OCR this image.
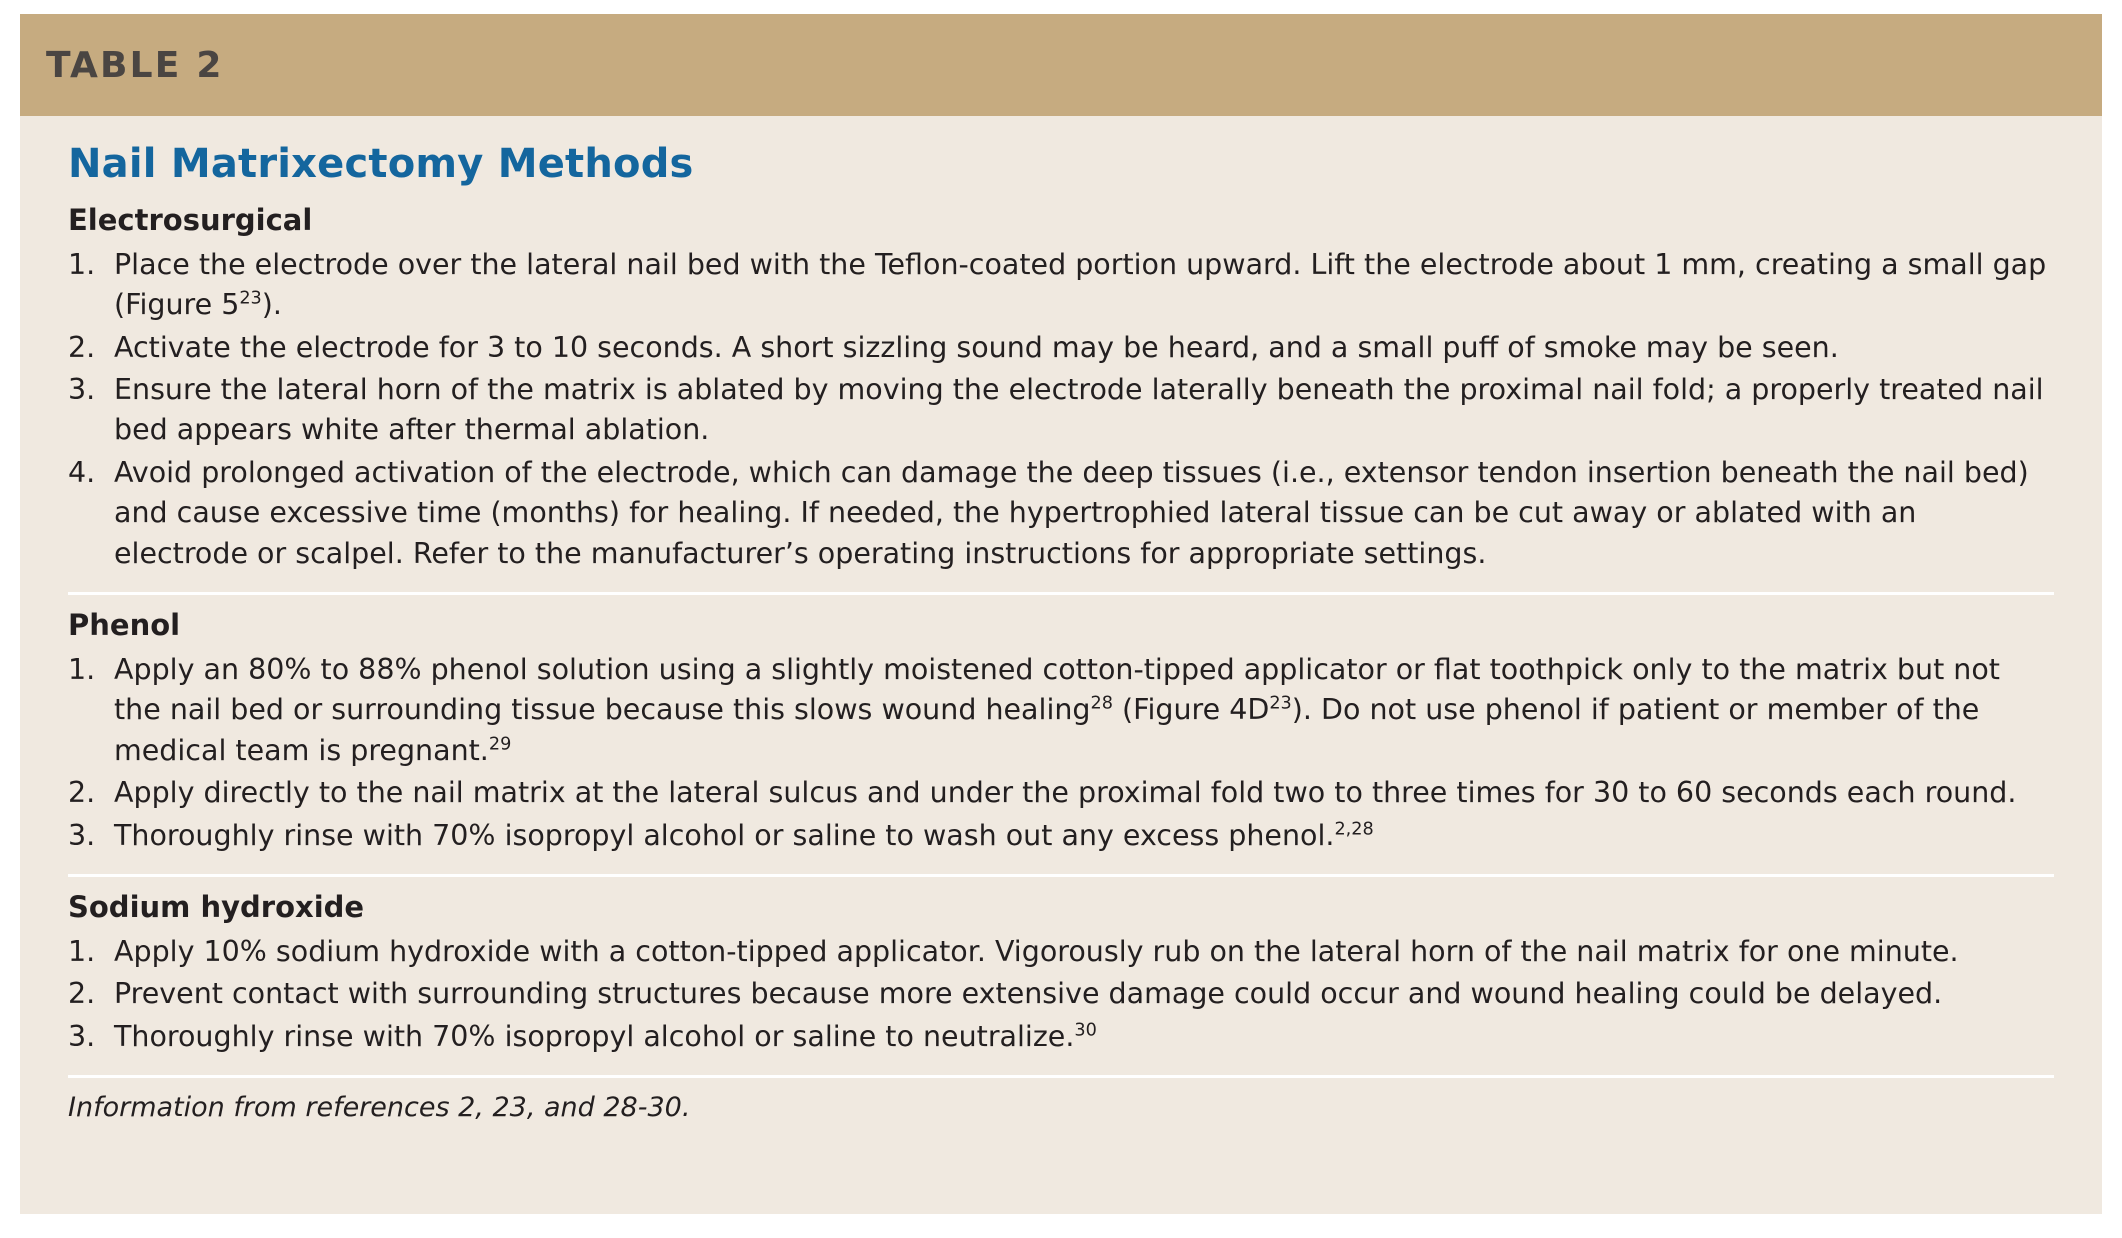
TABLE 2
Nail Matrixectomy Methods
Electrosurgical
1. Place the electrode over the lateral nail bed with the Teflon-coated portion upward. Lift the electrode about 1 mm, creating a small gap (Figure $5^{23}$).
2. Activate the electrode for 3 to 10 seconds. A short sizzling sound may be heard, and a small puff of smoke may be seen.
3. Ensure the lateral horn of the matrix is ablated by moving the electrode laterally beneath the proximal nail fold; a properly treated nail bed appears white after thermal ablation.
4. Avoid prolonged activation of the electrode, which can damage the deep tissues (i.e., extensor tendon insertion beneath the nail bed) and cause excessive time (months) for healing. If needed, the hypertrophied lateral tissue can be cut away or ablated with an electrode or scalpel. Refer to the manufacturer’s operating instructions for appropriate settings.
Phenol
1. Apply an 80% to 88% phenol solution using a slightly moistened cotton-tipped applicator or flat toothpick only to the matrix but not the nail bed or surrounding tissue because this slows wound healing$^{28}$ (Figure $4D^{23}$). Do not use phenol if patient or member of the medical team is pregnant.$^{29}$
2. Apply directly to the nail matrix at the lateral sulcus and under the proximal fold two to three times for 30 to 60 seconds each round.
3. Thoroughly rinse with 70% isopropyl alcohol or saline to wash out any excess phenol.$^{2,28}$
Sodium hydroxide
1. Apply 10% sodium hydroxide with a cotton-tipped applicator. Vigorously rub on the lateral horn of the nail matrix for one minute.
2. Prevent contact with surrounding structures because more extensive damage could occur and wound healing could be delayed.
3. Thoroughly rinse with 70% isopropyl alcohol or saline to neutralize.$^{30}$
Information from references 2, 23, and 28-30.
